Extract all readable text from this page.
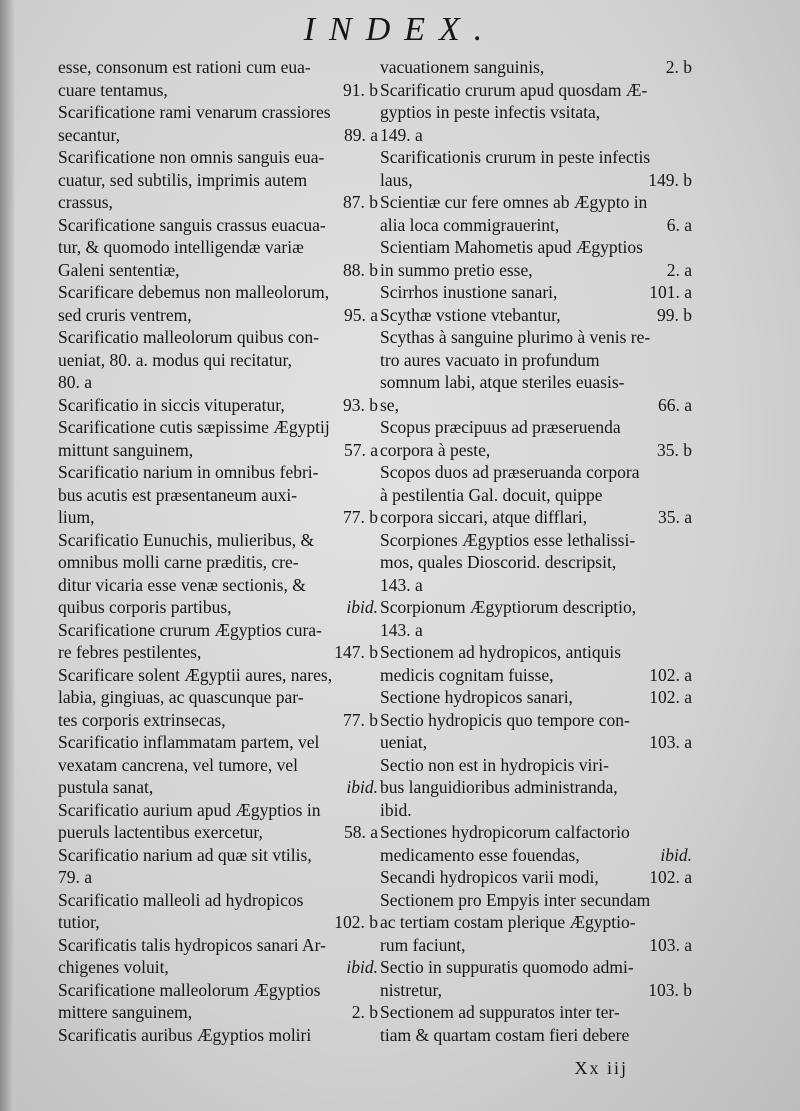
INDEX.
esse, consonum est rationi cum eua-
cuare tentamus,	91. b
Scarificatione rami venarum crassiores
secantur,	89. a
Scarificatione non omnis sanguis eua-
cuatur, sed subtilis, imprimis autem
crassus,	87. b
Scarificatione sanguis crassus euacua-
tur, & quomodo intelligendæ variæ
Galeni sententiæ,	88. b
Scarificare debemus non malleolorum,
sed cruris ventrem,	95. a
Scarificatio malleolorum quibus con-
ueniat, 80. a. modus qui recitatur,
80. a
Scarificatio in siccis vituperatur,	93. b
Scarificatione cutis sæpissime Ægyptij
mittunt sanguinem,	57. a
Scarificatio narium in omnibus febri-
bus acutis est præsentaneum auxi-
lium,	77. b
Scarificatio Eunuchis, mulieribus, &
omnibus molli carne præditis, cre-
ditur vicaria esse venæ sectionis, &
quibus corporis partibus,	ibid.
Scarificatione crurum Ægyptios cura-
re febres pestilentes,	147. b
Scarificare solent Ægyptii aures, nares,
labia, gingiuas, ac quascunque par-
tes corporis extrinsecas,	77. b
Scarificatio inflammatam partem, vel
vexatam cancrena, vel tumore, vel
pustula sanat,	ibid.
Scarificatio aurium apud Ægyptios in
pueruls lactentibus exercetur,	58. a
Scarificatio narium ad quæ sit vtilis,
79. a
Scarificatio malleoli ad hydropicos
tutior,	102. b
Scarificatis talis hydropicos sanari Ar-
chigenes voluit,	ibid.
Scarificatione malleolorum Ægyptios
mittere sanguinem,	2. b
Scarificatis auribus Ægyptios moliri
vacuationem sanguinis,	2. b
Scarificatio crurum apud quosdam Æ-
gyptios in peste infectis vsitata,
149. a
Scarificationis crurum in peste infectis
laus,	149. b
Scientiæ cur fere omnes ab Ægypto in
alia loca commigrauerint,	6. a
Scientiam Mahometis apud Ægyptios
in summo pretio esse,	2. a
Scirrhos inustione sanari,	101. a
Scythæ vstione vtebantur,	99. b
Scythas à sanguine plurimo à venis re-
tro aures vacuato in profundum
somnum labi, atque steriles euasis-
se,	66. a
Scopus præcipuus ad præseruenda
corpora à peste,	35. b
Scopos duos ad præseruanda corpora
à pestilentia Gal. docuit, quippe
corpora siccari, atque difflari,	35. a
Scorpiones Ægyptios esse lethalissi-
mos, quales Dioscorid. descripsit,
143. a
Scorpionum Ægyptiorum descriptio,
143. a
Sectionem ad hydropicos, antiquis
medicis cognitam fuisse,	102. a
Sectione hydropicos sanari,	102. a
Sectio hydropicis quo tempore con-
ueniat,	103. a
Sectio non est in hydropicis viri-
bus languidioribus administranda,
ibid.
Sectiones hydropicorum calfactorio
medicamento esse fouendas,	ibid.
Secandi hydropicos varii modi,	102. a
Sectionem pro Empyis inter secundam
ac tertiam costam plerique Ægyptio-
rum faciunt,	103. a
Sectio in suppuratis quomodo admi-
nistretur,	103. b
Sectionem ad suppuratos inter ter-
tiam & quartam costam fieri debere
Xx iij
